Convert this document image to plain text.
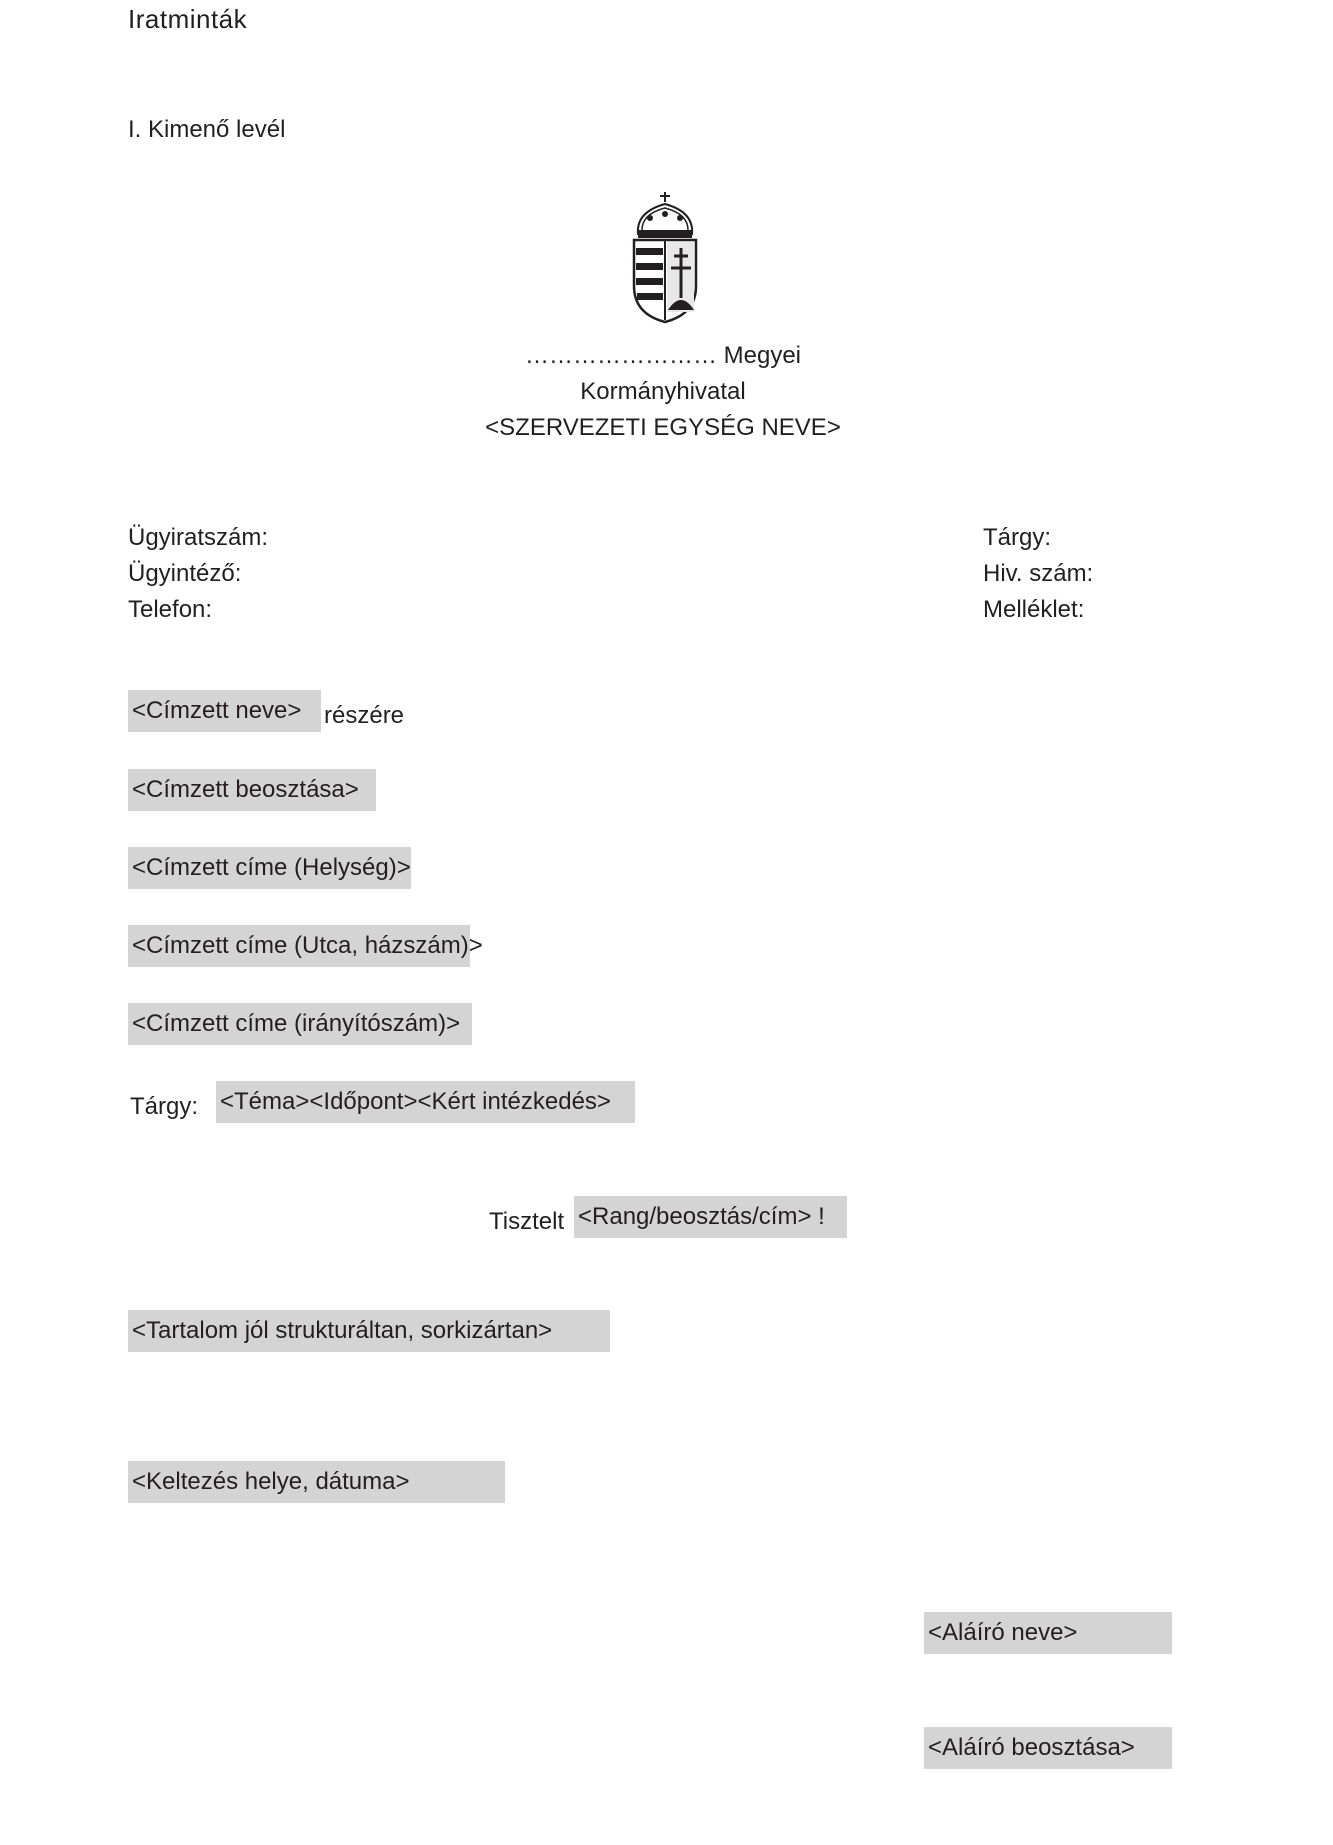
Iratminták
I. Kimenő levél
…………………… Megyei
Kormányhivatal
<SZERVEZETI EGYSÉG NEVE>
Ügyiratszám:
Ügyintéző:
Telefon:
Tárgy:
Hiv. szám:
Melléklet:
<Címzett neve> részére
<Címzett beosztása>
<Címzett címe (Helység)>
<Címzett címe (Utca, házszám)>
<Címzett címe (irányítószám)>
Tárgy: <Téma><Időpont><Kért intézkedés>
Tisztelt <Rang/beosztás/cím> !
<Tartalom jól strukturáltan, sorkizártan>
<Keltezés helye, dátuma>
<Aláíró neve>
<Aláíró beosztása>
